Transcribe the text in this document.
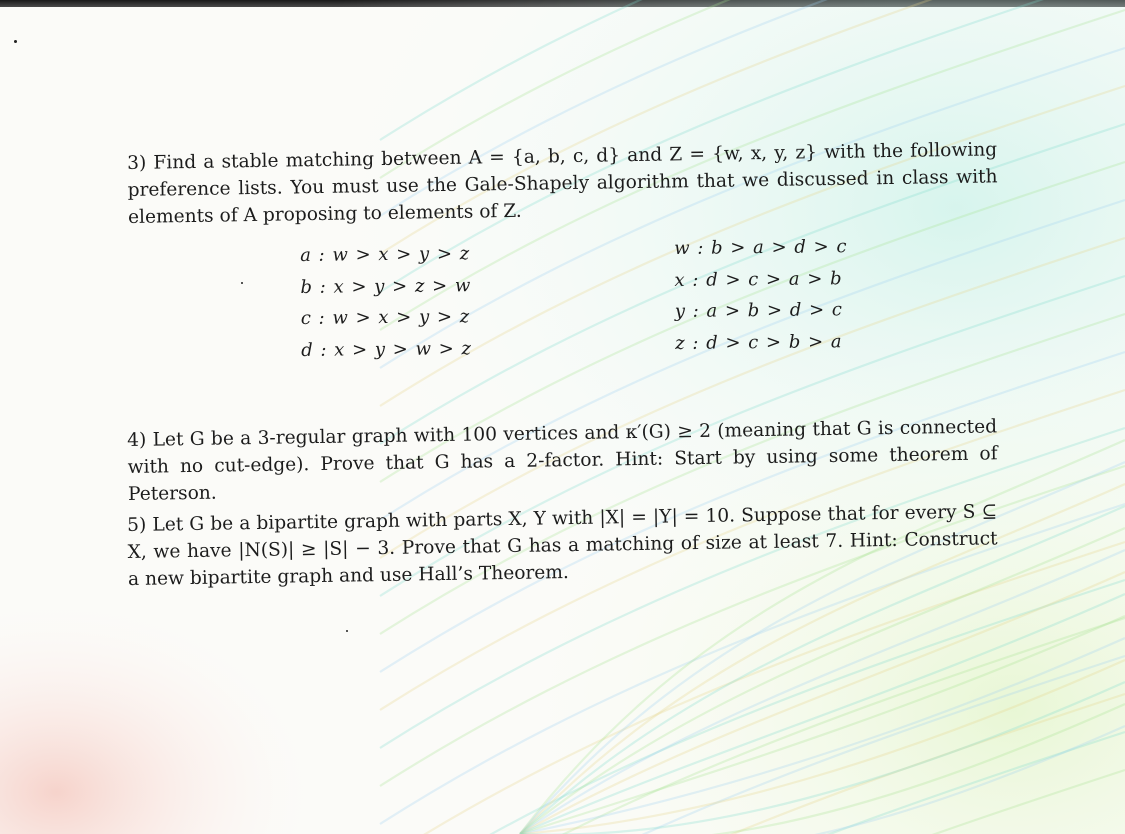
3) Find a stable matching between A = {a, b, c, d} and Z = {w, x, y, z} with the following preference lists. You must use the Gale-Shapely algorithm that we discussed in class with elements of A proposing to elements of Z.

a : w > x > y > z
b : x > y > z > w
c : w > x > y > z
d : x > y > w > z
w : b > a > d > c
x : d > c > a > b
y : a > b > d > c
z : d > c > b > a

4) Let G be a 3-regular graph with 100 vertices and κ′(G) ≥ 2 (meaning that G is connected with no cut-edge). Prove that G has a 2-factor. Hint: Start by using some theorem of Peterson.

5) Let G be a bipartite graph with parts X, Y with |X| = |Y| = 10. Suppose that for every S ⊆ X, we have |N(S)| ≥ |S| − 3. Prove that G has a matching of size at least 7. Hint: Construct a new bipartite graph and use Hall’s Theorem.
